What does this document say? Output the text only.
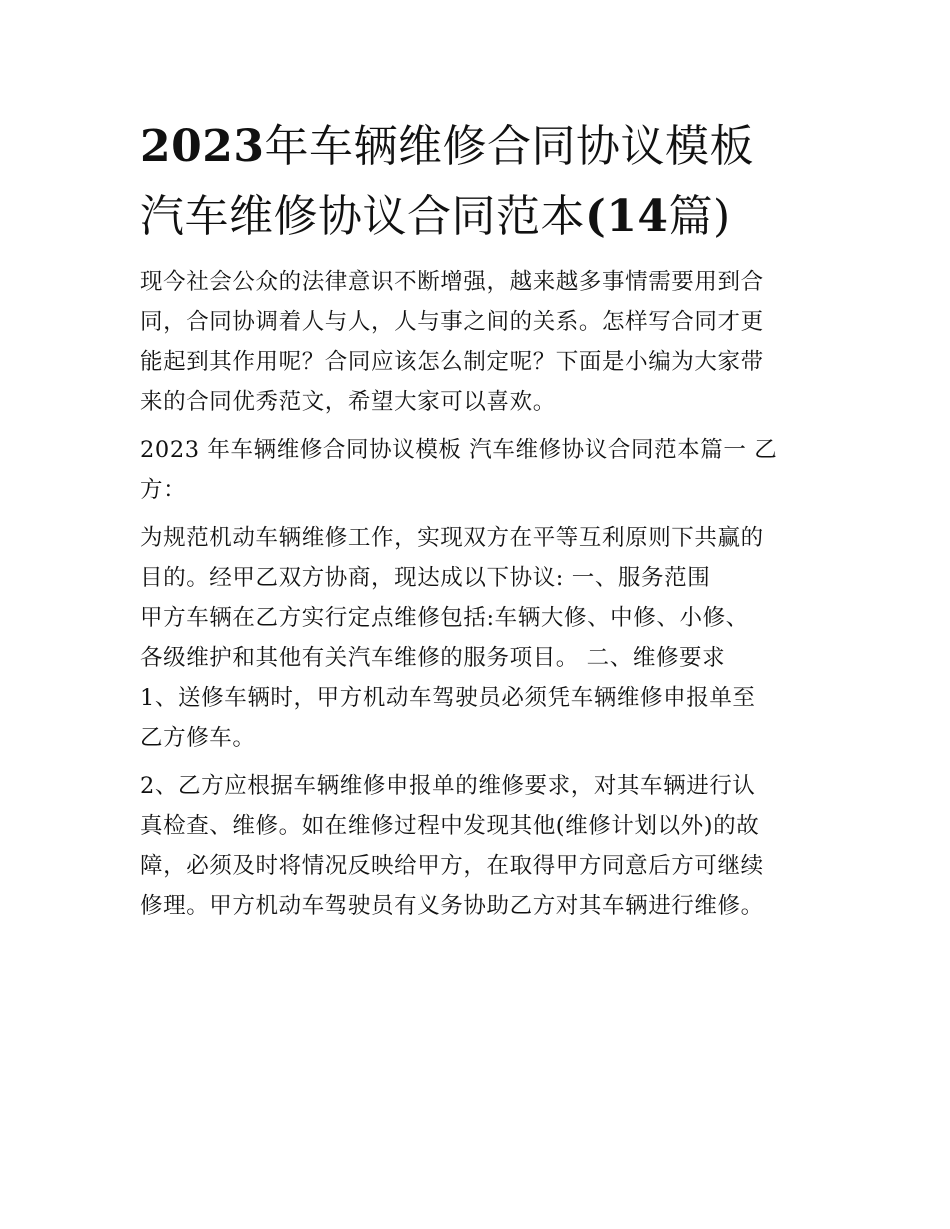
2023年车辆维修合同协议模板
汽车维修协议合同范本(14篇)

现今社会公众的法律意识不断增强，越来越多事情需要用到合
同，合同协调着人与人，人与事之间的关系。怎样写合同才更
能起到其作用呢？合同应该怎么制定呢？下面是小编为大家带
来的合同优秀范文，希望大家可以喜欢。

2023 年车辆维修合同协议模板 汽车维修协议合同范本篇一 乙
方：

为规范机动车辆维修工作，实现双方在平等互利原则下共赢的
目的。经甲乙双方协商，现达成以下协议: 一、服务范围
甲方车辆在乙方实行定点维修包括:车辆大修、中修、小修、
各级维护和其他有关汽车维修的服务项目。 二、维修要求
1、送修车辆时，甲方机动车驾驶员必须凭车辆维修申报单至
乙方修车。

2、乙方应根据车辆维修申报单的维修要求，对其车辆进行认
真检查、维修。如在维修过程中发现其他(维修计划以外)的故
障，必须及时将情况反映给甲方，在取得甲方同意后方可继续
修理。甲方机动车驾驶员有义务协助乙方对其车辆进行维修。
